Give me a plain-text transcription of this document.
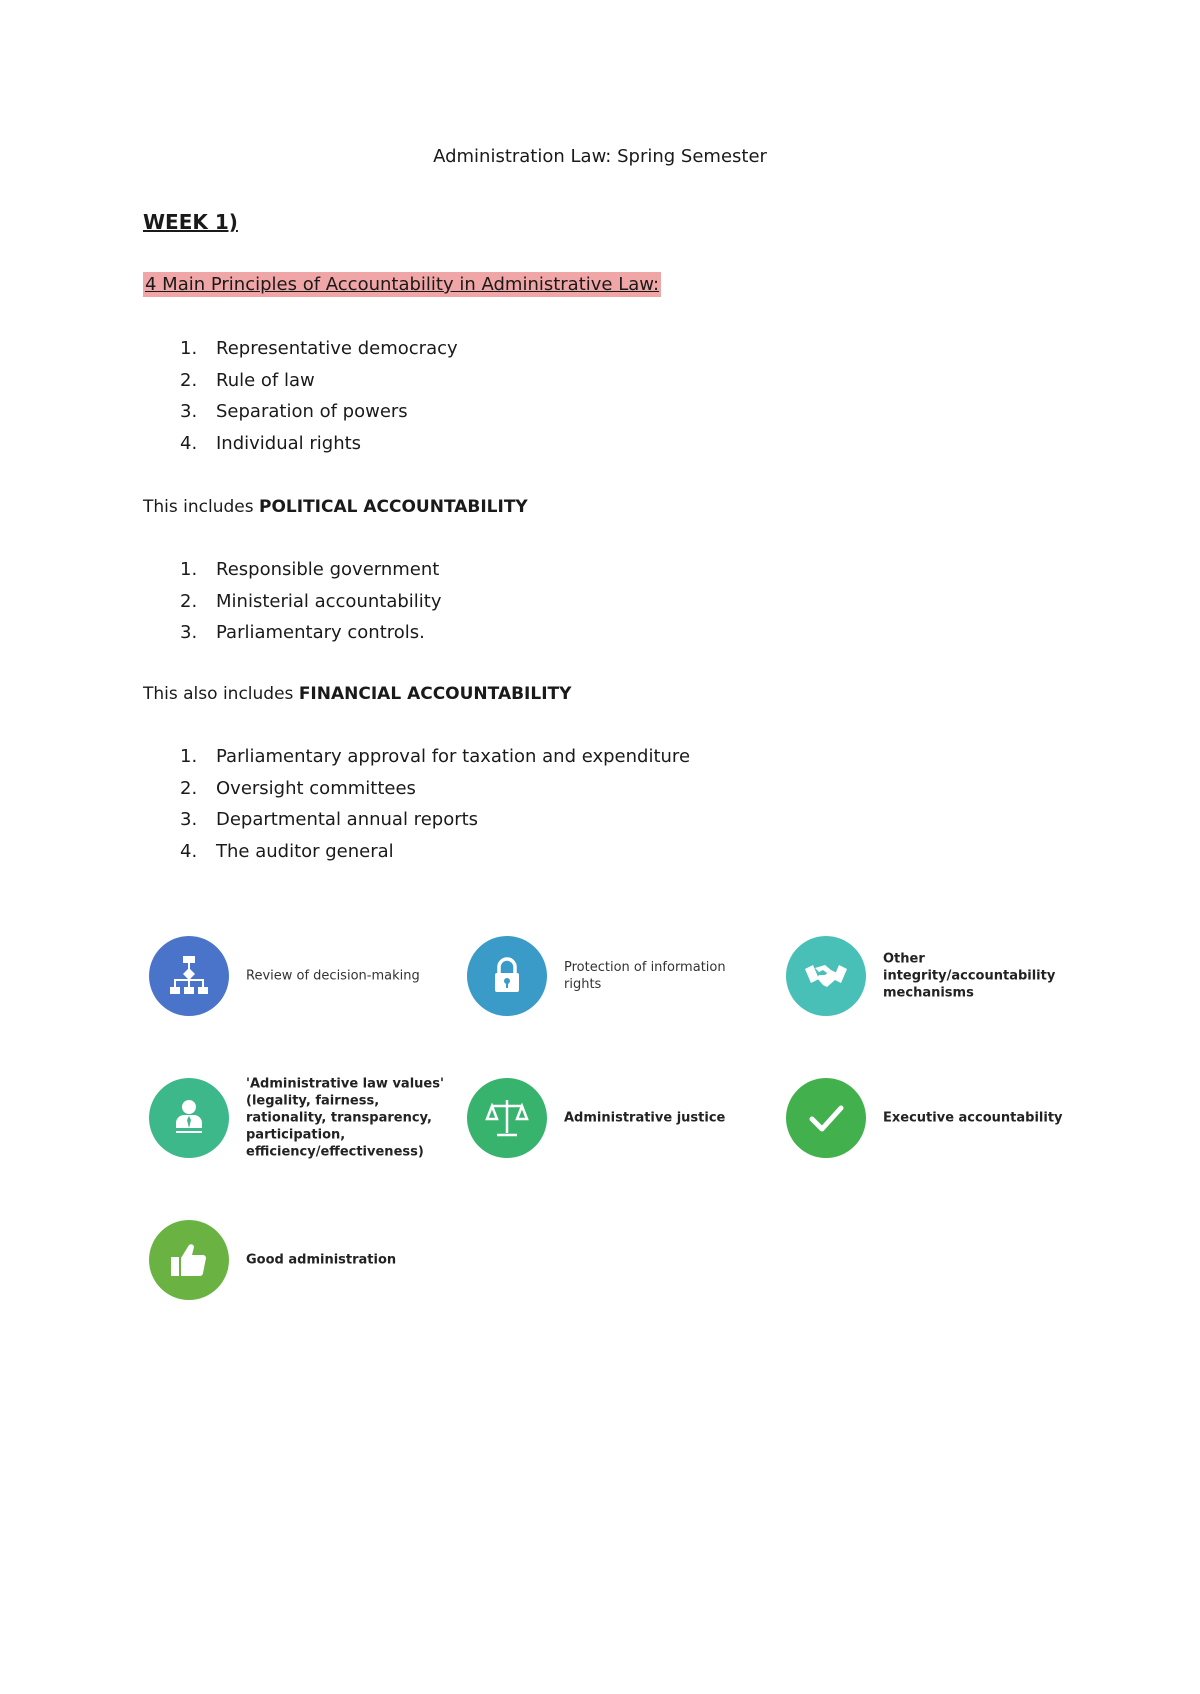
Administration Law: Spring Semester
WEEK 1)
4 Main Principles of Accountability in Administrative Law:
1. Representative democracy
2. Rule of law
3. Separation of powers
4. Individual rights
This includes POLITICAL ACCOUNTABILITY
1. Responsible government
2. Ministerial accountability
3. Parliamentary controls.
This also includes FINANCIAL ACCOUNTABILITY
1. Parliamentary approval for taxation and expenditure
2. Oversight committees
3. Departmental annual reports
4. The auditor general
Review of decision-making
Protection of information rights
Other integrity/accountability mechanisms
'Administrative law values' (legality, fairness, rationality, transparency, participation, efficiency/effectiveness)
Administrative justice	Executive accountability
Good administration
